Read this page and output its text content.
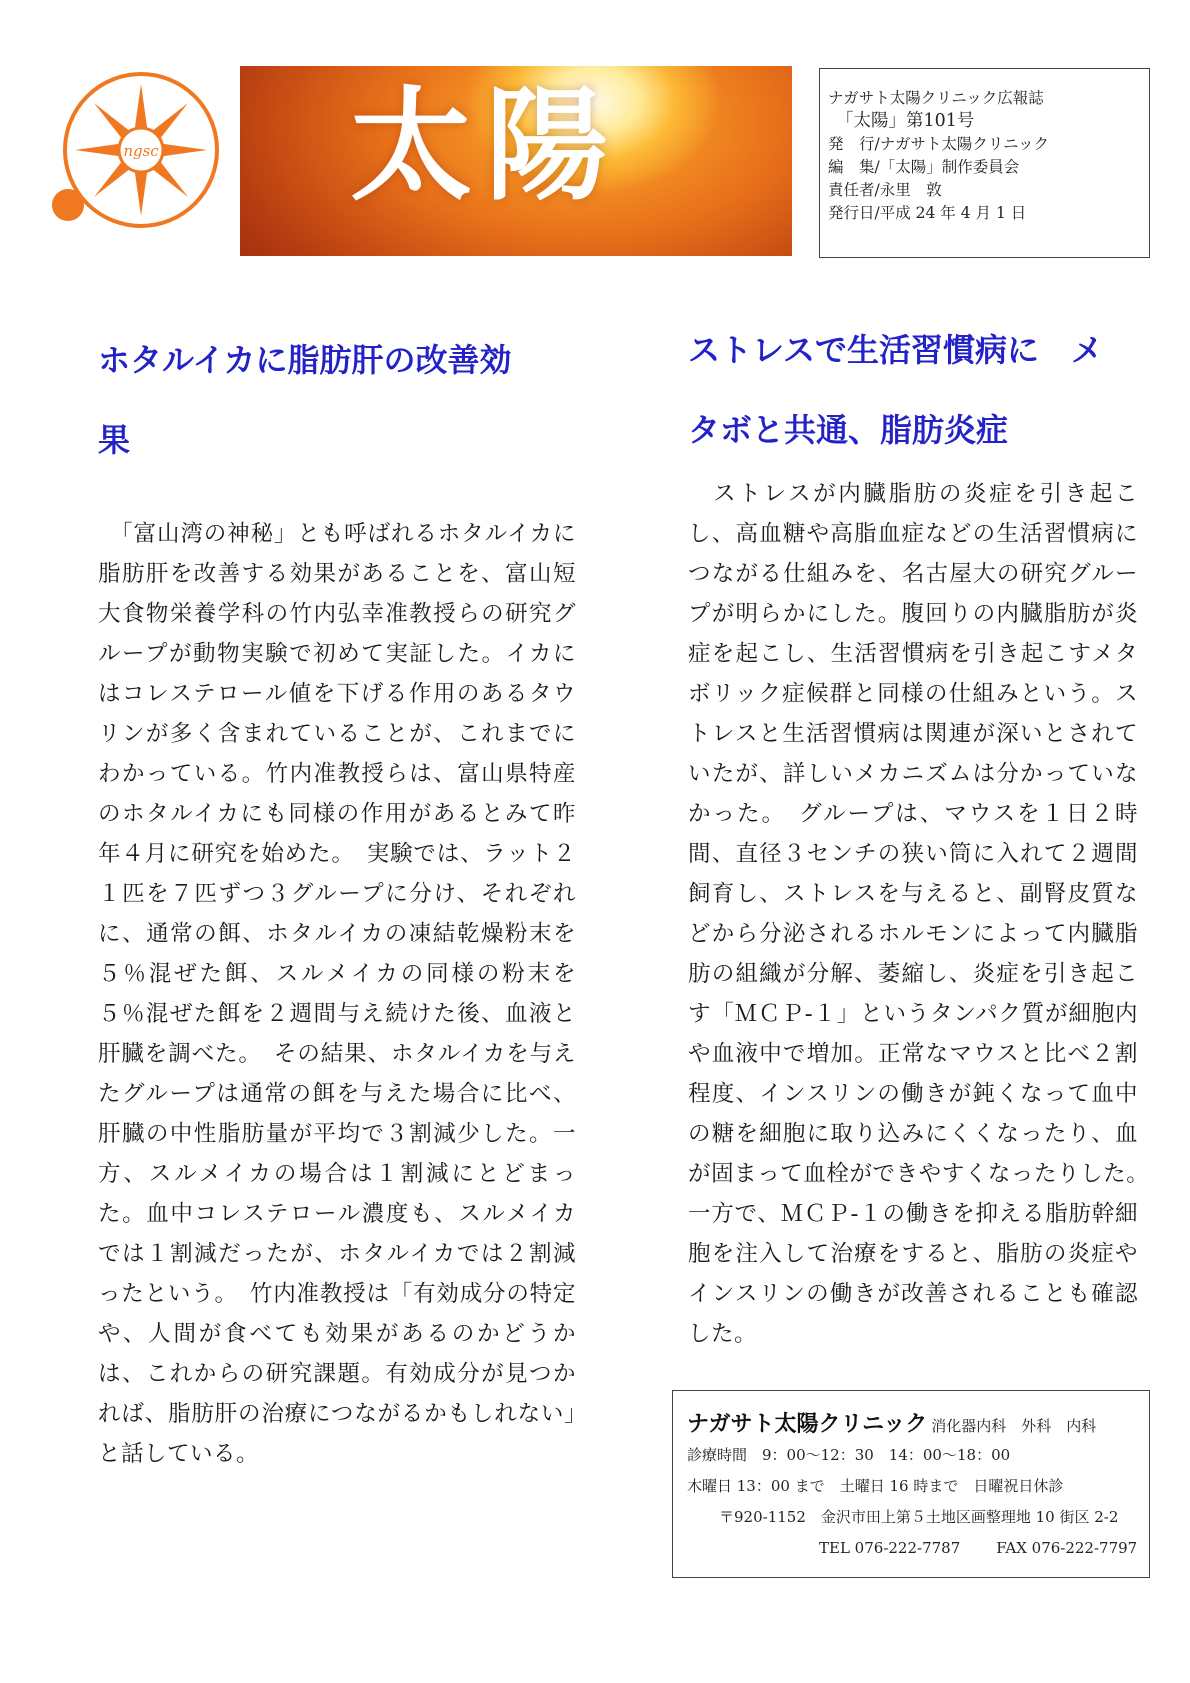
ngsc 太陽	ナガサト太陽クリニック広報誌
「太陽」第101号
発　行/ナガサト太陽クリニック
編　集/「太陽」制作委員会
責任者/永里　敦
発行日/平成 24 年 4 月 1 日
ホタルイカに脂肪肝の改善効
果

　「富山湾の神秘」とも呼ばれるホタルイカに脂肪肝を改善する効果があることを、富山短大食物栄養学科の竹内弘幸准教授らの研究グループが動物実験で初めて実証した。イカにはコレステロール値を下げる作用のあるタウリンが多く含まれていることが、これまでにわかっている。竹内准教授らは、富山県特産のホタルイカにも同様の作用があるとみて昨年４月に研究を始めた。　実験では、ラット２１匹を７匹ずつ３グループに分け、それぞれに、通常の餌、ホタルイカの凍結乾燥粉末を５％混ぜた餌、スルメイカの同様の粉末を５％混ぜた餌を２週間与え続けた後、血液と肝臓を調べた。　その結果、ホタルイカを与えたグループは通常の餌を与えた場合に比べ、肝臓の中性脂肪量が平均で３割減少した。一方、スルメイカの場合は１割減にとどまった。血中コレステロール濃度も、スルメイカでは１割減だったが、ホタルイカでは２割減ったという。　竹内准教授は「有効成分の特定や、人間が食べても効果があるのかどうかは、これからの研究課題。有効成分が見つかれば、脂肪肝の治療につながるかもしれない」と話している。

ストレスで生活習慣病に　メ
タボと共通、脂肪炎症

　ストレスが内臓脂肪の炎症を引き起こし、高血糖や高脂血症などの生活習慣病につながる仕組みを、名古屋大の研究グループが明らかにした。腹回りの内臓脂肪が炎症を起こし、生活習慣病を引き起こすメタボリック症候群と同様の仕組みという。ストレスと生活習慣病は関連が深いとされていたが、詳しいメカニズムは分かっていなかった。　グループは、マウスを１日２時間、直径３センチの狭い筒に入れて２週間飼育し、ストレスを与えると、副腎皮質などから分泌されるホルモンによって内臓脂肪の組織が分解、萎縮し、炎症を引き起こす「ＭＣＰ-１」というタンパク質が細胞内や血液中で増加。正常なマウスと比べ２割程度、インスリンの働きが鈍くなって血中の糖を細胞に取り込みにくくなったり、血が固まって血栓ができやすくなったりした。　一方で、ＭＣＰ-１の働きを抑える脂肪幹細胞を注入して治療をすると、脂肪の炎症やインスリンの働きが改善されることも確認した。

ナガサト太陽クリニック 消化器内科　外科　内科
診療時間　9：00～12：30　14：00～18：00
木曜日 13：00 まで　土曜日 16 時まで　日曜祝日休診
〒920-1152　金沢市田上第５土地区画整理地 10 街区 2-2
TEL 076-222-7787 FAX 076-222-7797
